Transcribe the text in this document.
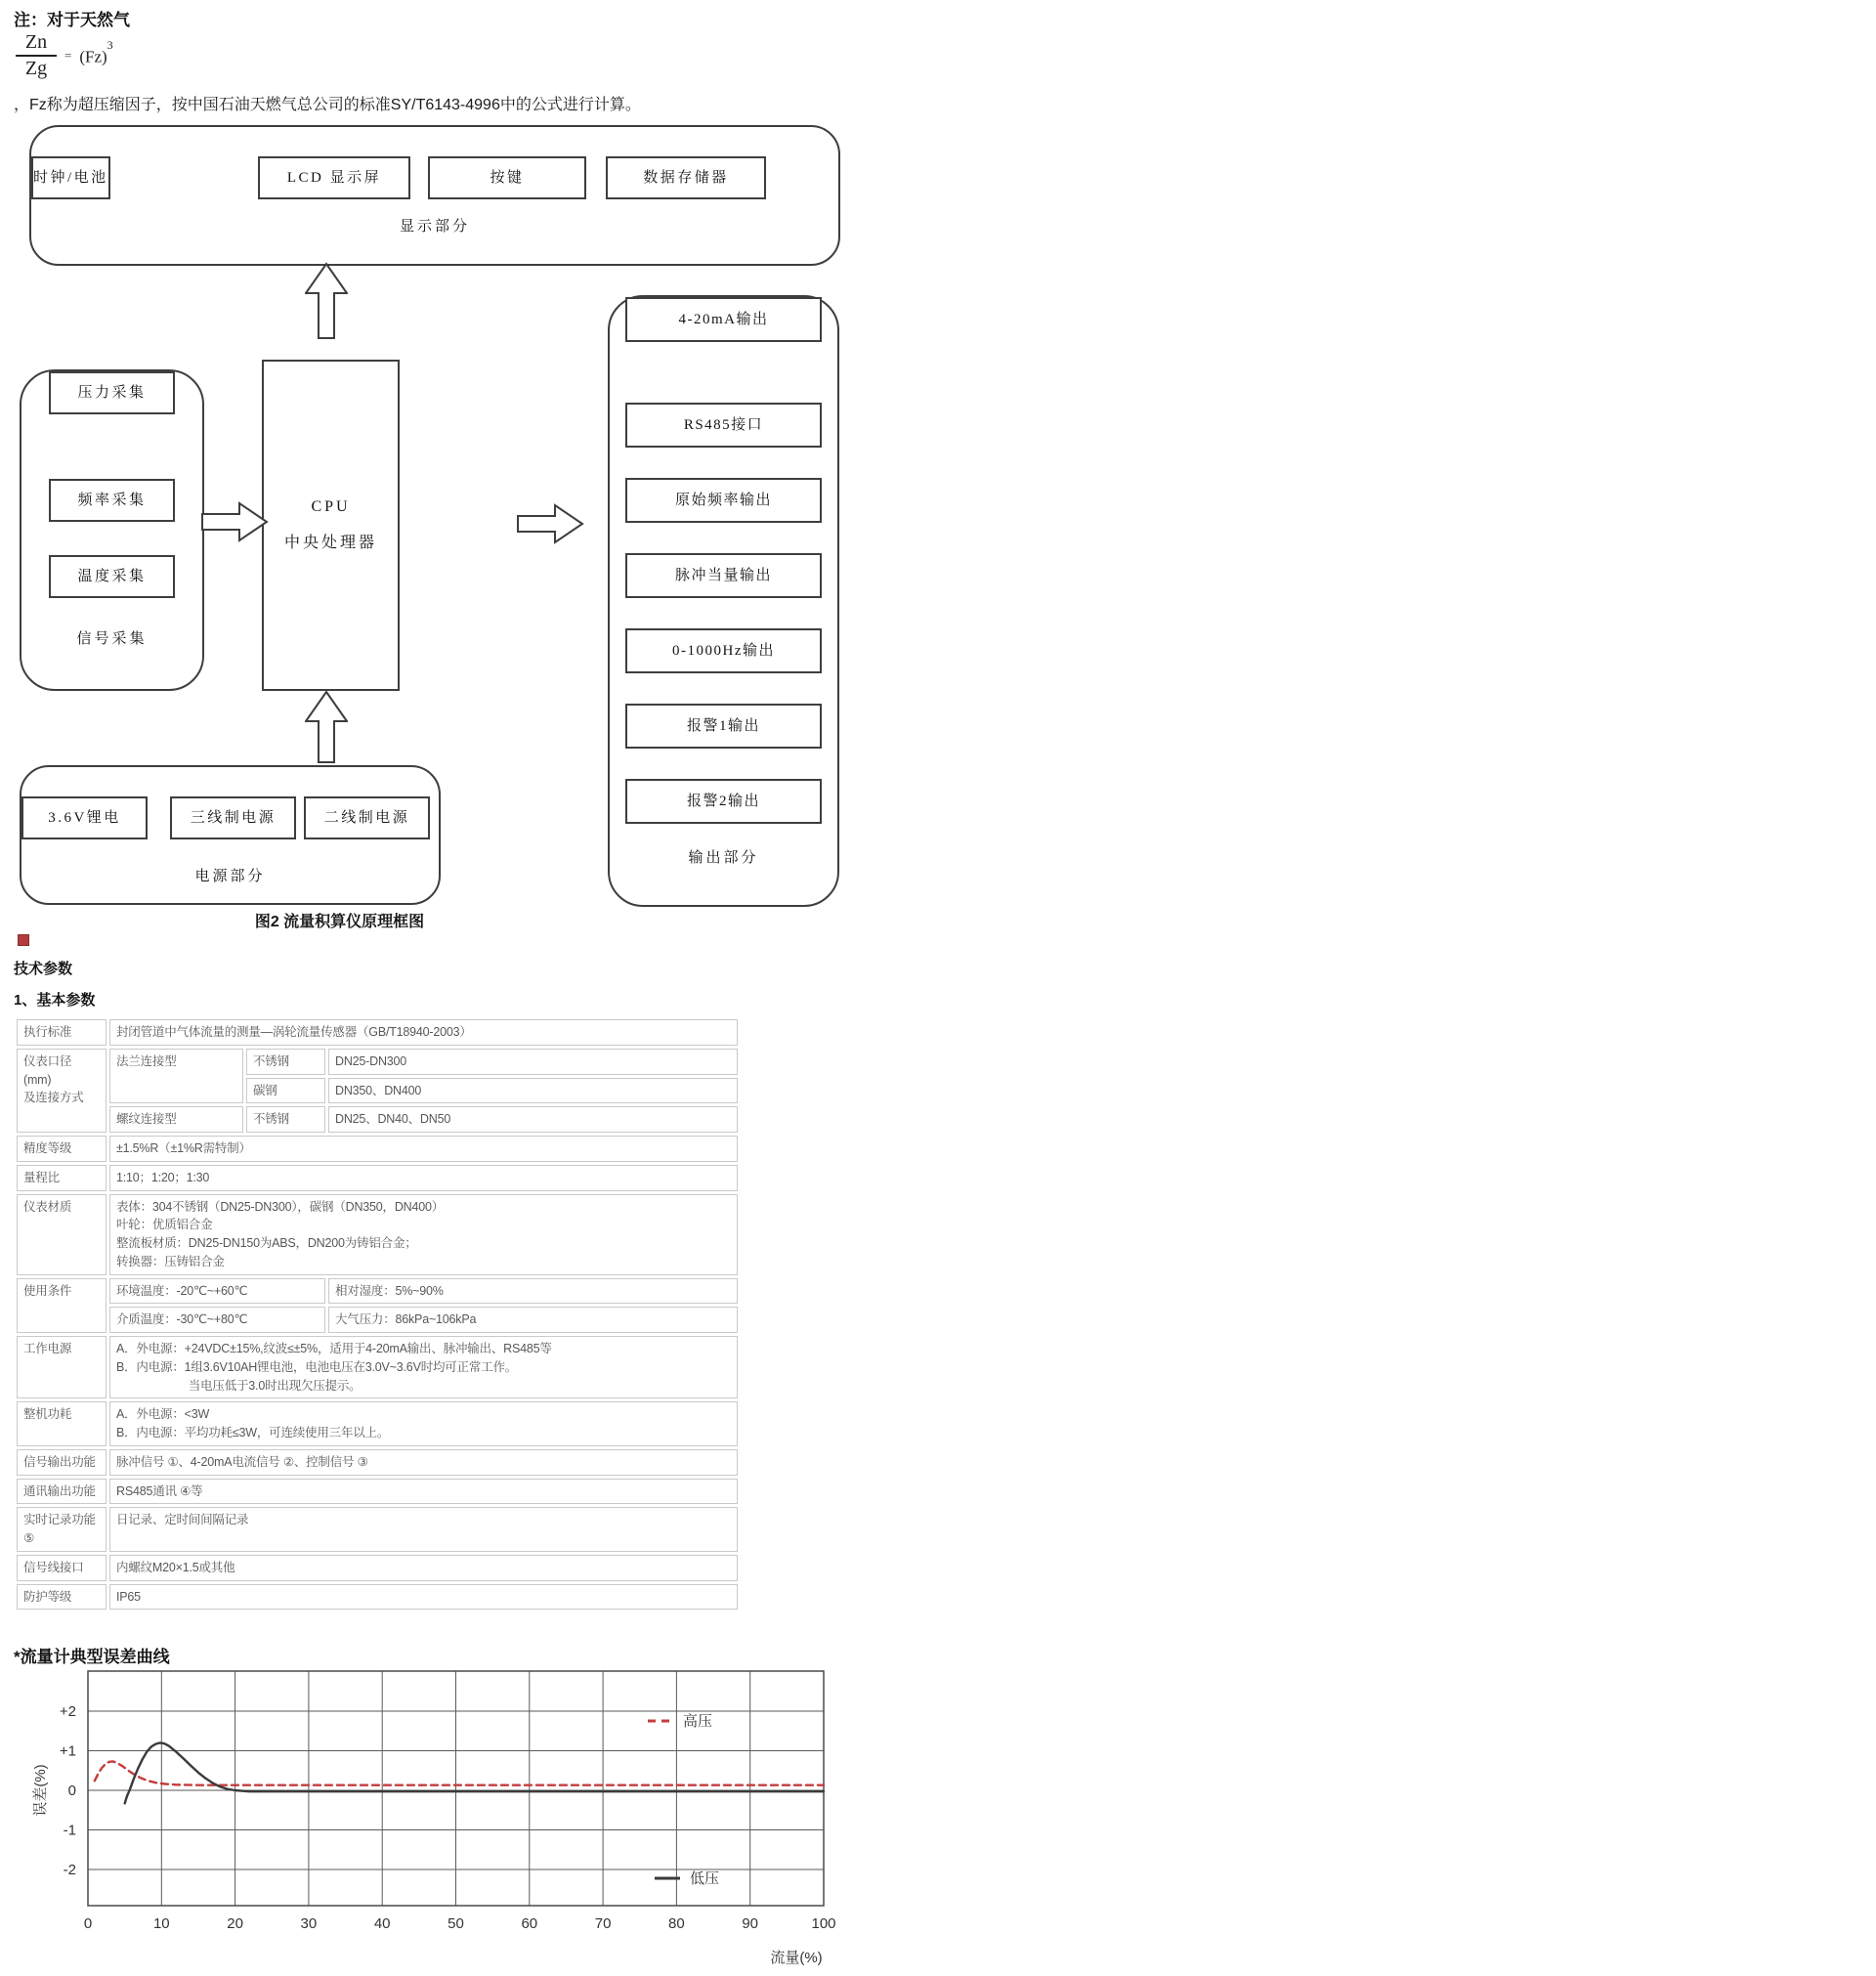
注：对于天然气
$\frac{Zn}{Zg} = (Fz)^3$
，Fz称为超压缩因子，按中国石油天燃气总公司的标准SY/T6143-4996中的公式进行计算。
显示部分
LCD 显示屏	按键	数据存储器
时钟/电池
信号采集
频率采集
温度采集
压力采集
CPU
中央处理器
输出部分
RS485接口
原始频率输出
脉冲当量输出
0-1000Hz输出
报警1输出
报警2输出
4-20mA输出
电源部分
三线制电源	二线制电源
3.6V锂电
图2 流量积算仪原理框图
技术参数
1、基本参数
执行标准	封闭管道中气体流量的测量—涡轮流量传感器（GB/T18940-2003）		

仪表口径(mm)
及连接方式	法兰连接型	不锈钢	DN25-DN300

		碳钢	DN350、DN400

	螺纹连接型	不锈钢	DN25、DN40、DN50

精度等级	±1.5%R（±1%R需特制）		

量程比	1:10；1:20；1:30		

仪表材质	表体：304不锈钢（DN25-DN300），碳钢（DN350，DN400）
叶轮：优质铝合金
整流板材质：DN25-DN150为ABS，DN200为铸铝合金；
转换器：压铸铝合金		

使用条件	环境温度：-20℃~+60℃		相对湿度：5%~90%

	介质温度：-30℃~+80℃		大气压力：86kPa~106kPa

工作电源	A．外电源：+24VDC±15%,纹波≤±5%，适用于4-20mA输出、脉冲输出、RS485等
B．内电源：1组3.6V10AH锂电池，电池电压在3.0V~3.6V时均可正常工作。
　　　　　　当电压低于3.0时出现欠压提示。		

整机功耗	A．外电源：<3W
B．内电源：平均功耗≤3W，可连续使用三年以上。		

信号输出功能	脉冲信号 ①、4-20mA电流信号 ②、控制信号 ③		

通讯输出功能	RS485通讯 ④等		

实时记录功能 ⑤	日记录、定时间间隔记录		

信号线接口	内螺纹M20×1.5或其他		

防护等级	IP65		
*流量计典型误差曲线
0	10	20	30	40	50	60	70	80	90	100
+2
+1
0
-1
-2
高压
低压
流量(%)
误差(%)
